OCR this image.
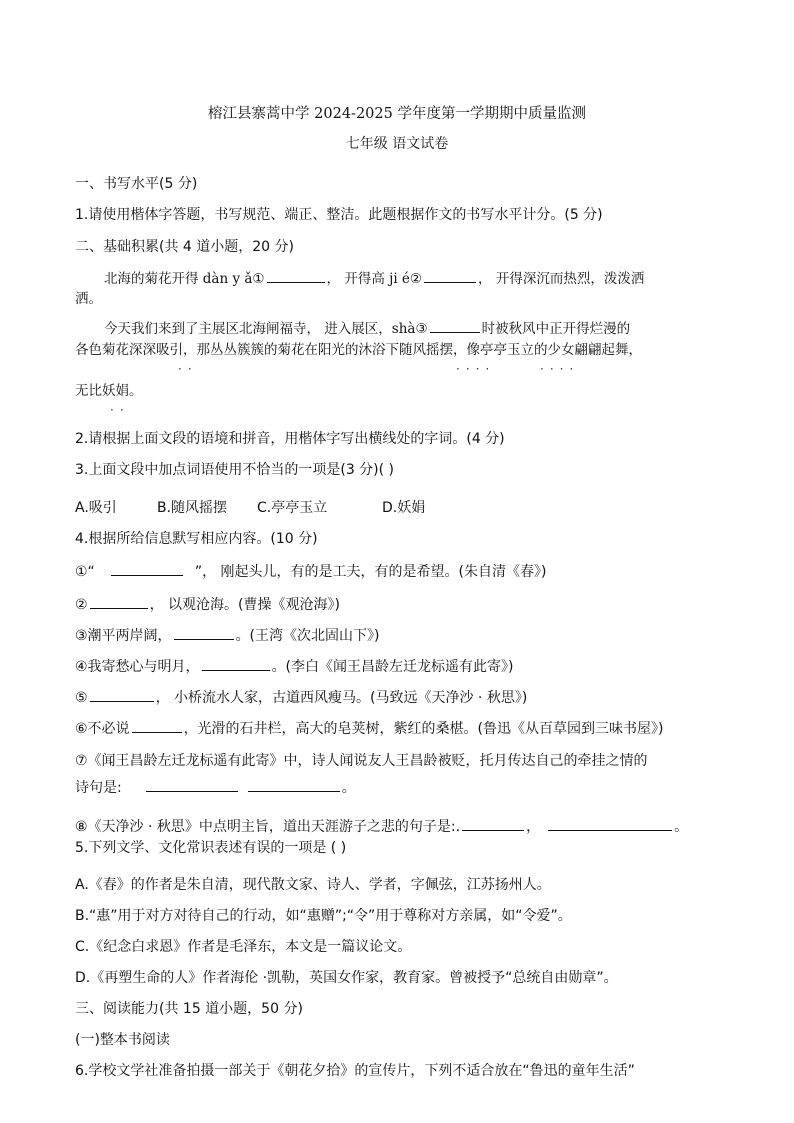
榕江县寨蒿中学 2024-2025 学年度第一学期期中质量监测
七年级 语文试卷
一、书写水平(5 分)
1.请使用楷体字答题，书写规范、端正、整洁。此题根据作文的书写水平计分。(5 分)
二、基础积累(共 4 道小题，20 分)
北海的菊花开得 dàn y ǎ①	， 开得高 ji é②	， 开得深沉而热烈，泼泼洒
洒。
今天我们来到了主展区北海闸福寺， 进入展区，shà③	时被秋风中正开得烂漫的
各色菊花深深吸引，那丛丛簇簇的菊花在阳光的沐浴下随风摇摆，像亭亭玉立的少女翩翩起舞，
··	····	····
无比妖娟。
··
2.请根据上面文段的语境和拼音，用楷体字写出横线处的字词。(4 分)
3.上面文段中加点词语使用不恰当的一项是(3 分)( )
A.吸引	B.随风摇摆 C.亭亭玉立	D.妖娟
4.根据所给信息默写相应内容。(10 分)
①“	”， 刚起头儿，有的是工夫，有的是希望。(朱自清《春》)
②	， 以观沧海。(曹操《观沧海》)
③潮平两岸阔，	。(王湾《次北固山下》)
④我寄愁心与明月，	。(李白《闻王昌龄左迁龙标遥有此寄》)
⑤	， 小桥流水人家，古道西风瘦马。(马致远《天净沙 · 秋思》)
⑥不必说	，光滑的石井栏，高大的皂荚树，紫红的桑椹。(鲁迅《从百草园到三味书屋》)
⑦《闻王昌龄左迁龙标遥有此寄》中，诗人闻说友人王昌龄被贬，托月传达自己的牵挂之情的
诗句是:	。
⑧《天净沙 · 秋思》中点明主旨，道出天涯游子之悲的句子是:.	，	。
5.下列文学、文化常识表述有误的一项是 ( )
A.《春》的作者是朱自清，现代散文家、诗人、学者，字佩弦，江苏扬州人。
B.“惠”用于对方对待自己的行动，如“惠赠”;“令”用于尊称对方亲属，如“令爱”。
C.《纪念白求恩》作者是毛泽东，本文是一篇议论文。
D.《再塑生命的人》作者海伦 ·凯勒，英国女作家，教育家。曾被授予“总统自由勋章”。
三、阅读能力(共 15 道小题，50 分)
(一)整本书阅读
6.学校文学社准备拍摄一部关于《朝花夕拾》的宣传片，下列不适合放在“鲁迅的童年生活”
